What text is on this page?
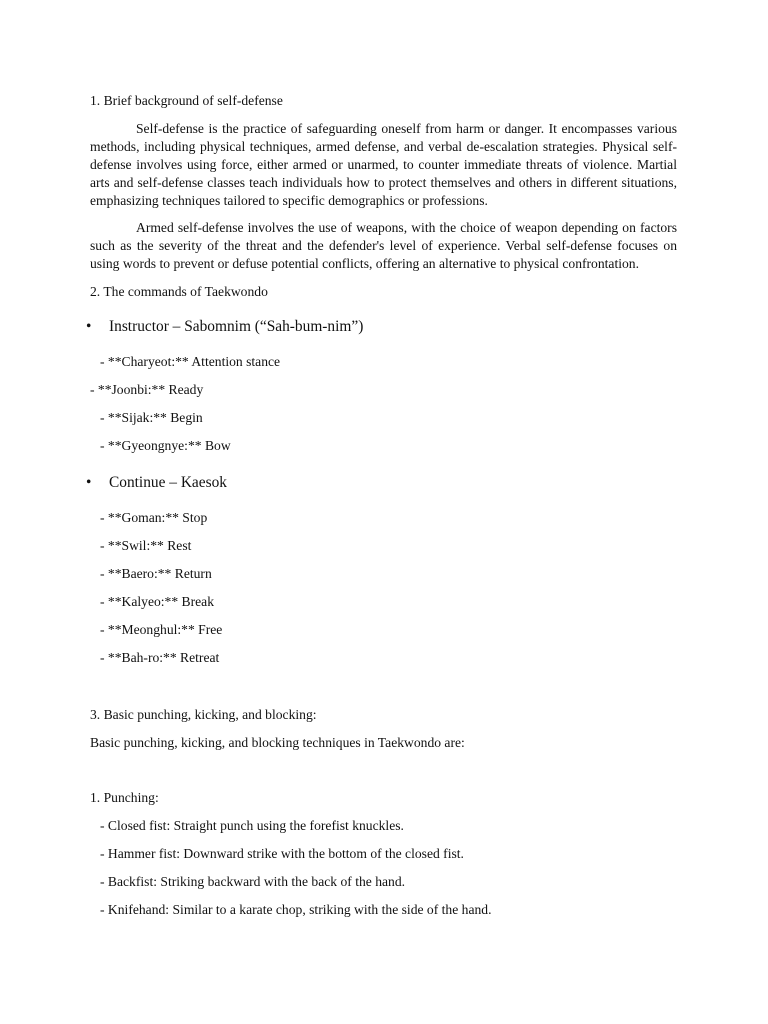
1. Brief background of self-defense
Self-defense is the practice of safeguarding oneself from harm or danger. It encompasses various methods, including physical techniques, armed defense, and verbal de-escalation strategies. Physical self-defense involves using force, either armed or unarmed, to counter immediate threats of violence. Martial arts and self-defense classes teach individuals how to protect themselves and others in different situations, emphasizing techniques tailored to specific demographics or professions.
Armed self-defense involves the use of weapons, with the choice of weapon depending on factors such as the severity of the threat and the defender's level of experience. Verbal self-defense focuses on using words to prevent or defuse potential conflicts, offering an alternative to physical confrontation.
2. The commands of Taekwondo
• Instructor – Sabomnim (“Sah-bum-nim”)
- **Charyeot:** Attention stance
- **Joonbi:** Ready
- **Sijak:** Begin
- **Gyeongnye:** Bow
• Continue – Kaesok
- **Goman:** Stop
- **Swil:** Rest
- **Baero:** Return
- **Kalyeo:** Break
- **Meonghul:** Free
- **Bah-ro:** Retreat
3. Basic punching, kicking, and blocking:
Basic punching, kicking, and blocking techniques in Taekwondo are:
1. Punching:
- Closed fist: Straight punch using the forefist knuckles.
- Hammer fist: Downward strike with the bottom of the closed fist.
- Backfist: Striking backward with the back of the hand.
- Knifehand: Similar to a karate chop, striking with the side of the hand.
